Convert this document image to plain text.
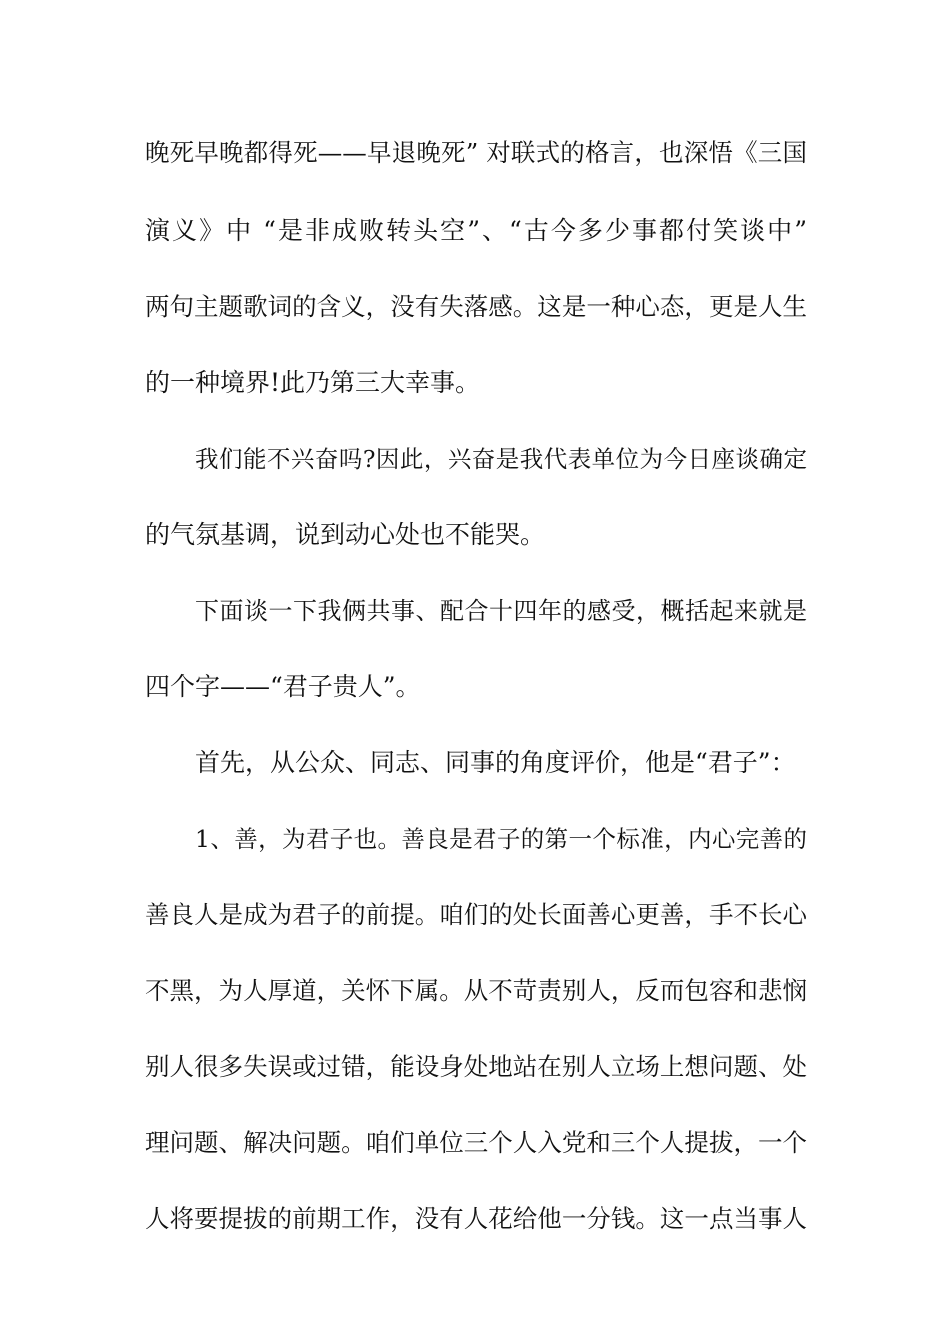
晚死早晚都得死——早退晚死” 对联式的格言，也深悟《三国
演义》中 “是非成败转头空”、“古今多少事都付笑谈中”
两句主题歌词的含义，没有失落感。这是一种心态，更是人生
的一种境界!此乃第三大幸事。
我们能不兴奋吗?因此，兴奋是我代表单位为今日座谈确定
的气氛基调，说到动心处也不能哭。
下面谈一下我俩共事、配合十四年的感受，概括起来就是
四个字——“君子贵人”。
首先，从公众、同志、同事的角度评价，他是“君子”：
1、善，为君子也。善良是君子的第一个标准，内心完善的
善良人是成为君子的前提。咱们的处长面善心更善，手不长心
不黑，为人厚道，关怀下属。从不苛责别人，反而包容和悲悯
别人很多失误或过错，能设身处地站在别人立场上想问题、处
理问题、解决问题。咱们单位三个人入党和三个人提拔，一个
人将要提拔的前期工作，没有人花给他一分钱。这一点当事人
